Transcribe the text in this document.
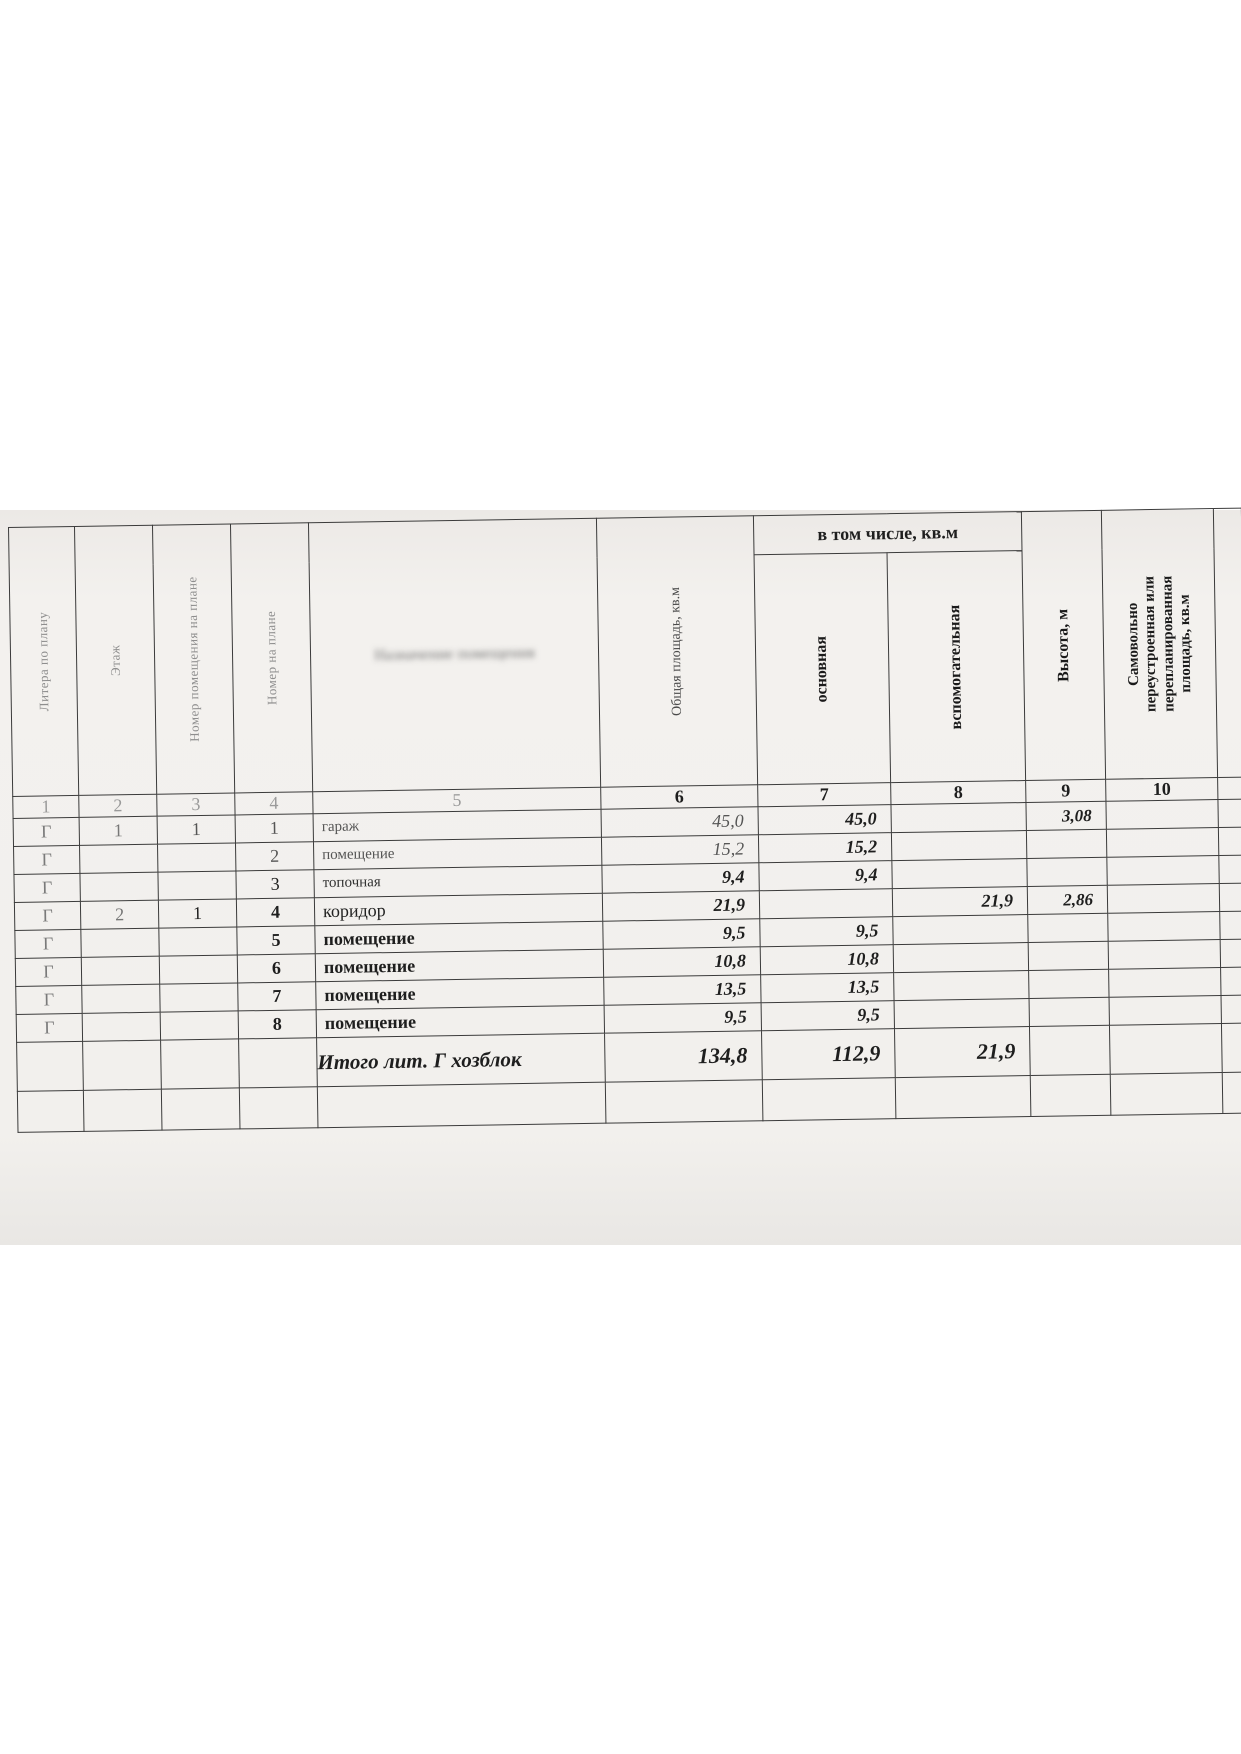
Литера по плану	Этаж	Номер помещения на плане	Номер на плане	Назначение помещения	Общая площадь, кв.м	в том числе, кв.м		Высота, м	Самовольно переустроенная или перепланированная площадь, кв.м	

						основная	вспомогательная			

1	2	3	4	5	6	7	8	9	10	
Г	1	1	1	гараж	45,0	45,0		3,08		
Г			2	помещение	15,2	15,2				
Г			3	топочная	9,4	9,4				
Г	2	1	4	коридор	21,9		21,9	2,86		
Г			5	помещение	9,5	9,5				
Г			6	помещение	10,8	10,8				
Г			7	помещение	13,5	13,5				
Г			8	помещение	9,5	9,5				
				Итого лит. Г хозблок	134,8	112,9	21,9			
